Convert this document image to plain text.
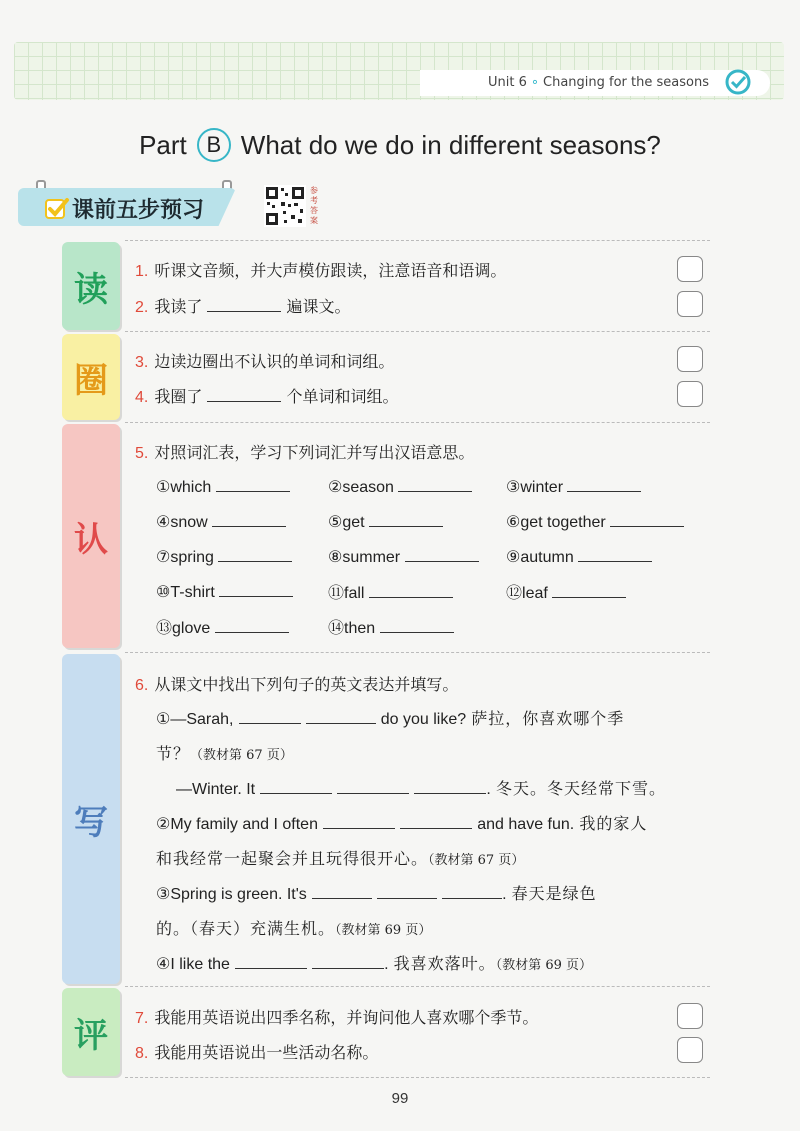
Unit 6 ∘ Changing for the seasons
Part B What do we do in different seasons?
课前五步预习
参考答案
读
圈
认
写
评
1. 听课文音频，并大声模仿跟读，注意语音和语调。
2. 我读了	遍课文。
3. 边读边圈出不认识的单词和词组。
4. 我圈了	个单词和词组。
5. 对照词汇表，学习下列词汇并写出汉语意思。
①which	②season	③winter
④snow	⑤get	⑥get together
⑦spring	⑧summer	⑨autumn
⑩T-shirt	⑪fall	⑫leaf
⑬glove	⑭then
6. 从课文中找出下列句子的英文表达并填写。
①—Sarah,	do you like? 萨拉，你喜欢哪个季
节？（教材第 67 页）
—Winter. It	. 冬天。冬天经常下雪。
②My family and I often	and have fun. 我的家人
和我经常一起聚会并且玩得很开心。（教材第 67 页）
③Spring is green. It's	. 春天是绿色
的。（春天）充满生机。（教材第 69 页）
④I like the	. 我喜欢落叶。（教材第 69 页）
7. 我能用英语说出四季名称，并询问他人喜欢哪个季节。
8. 我能用英语说出一些活动名称。
99
